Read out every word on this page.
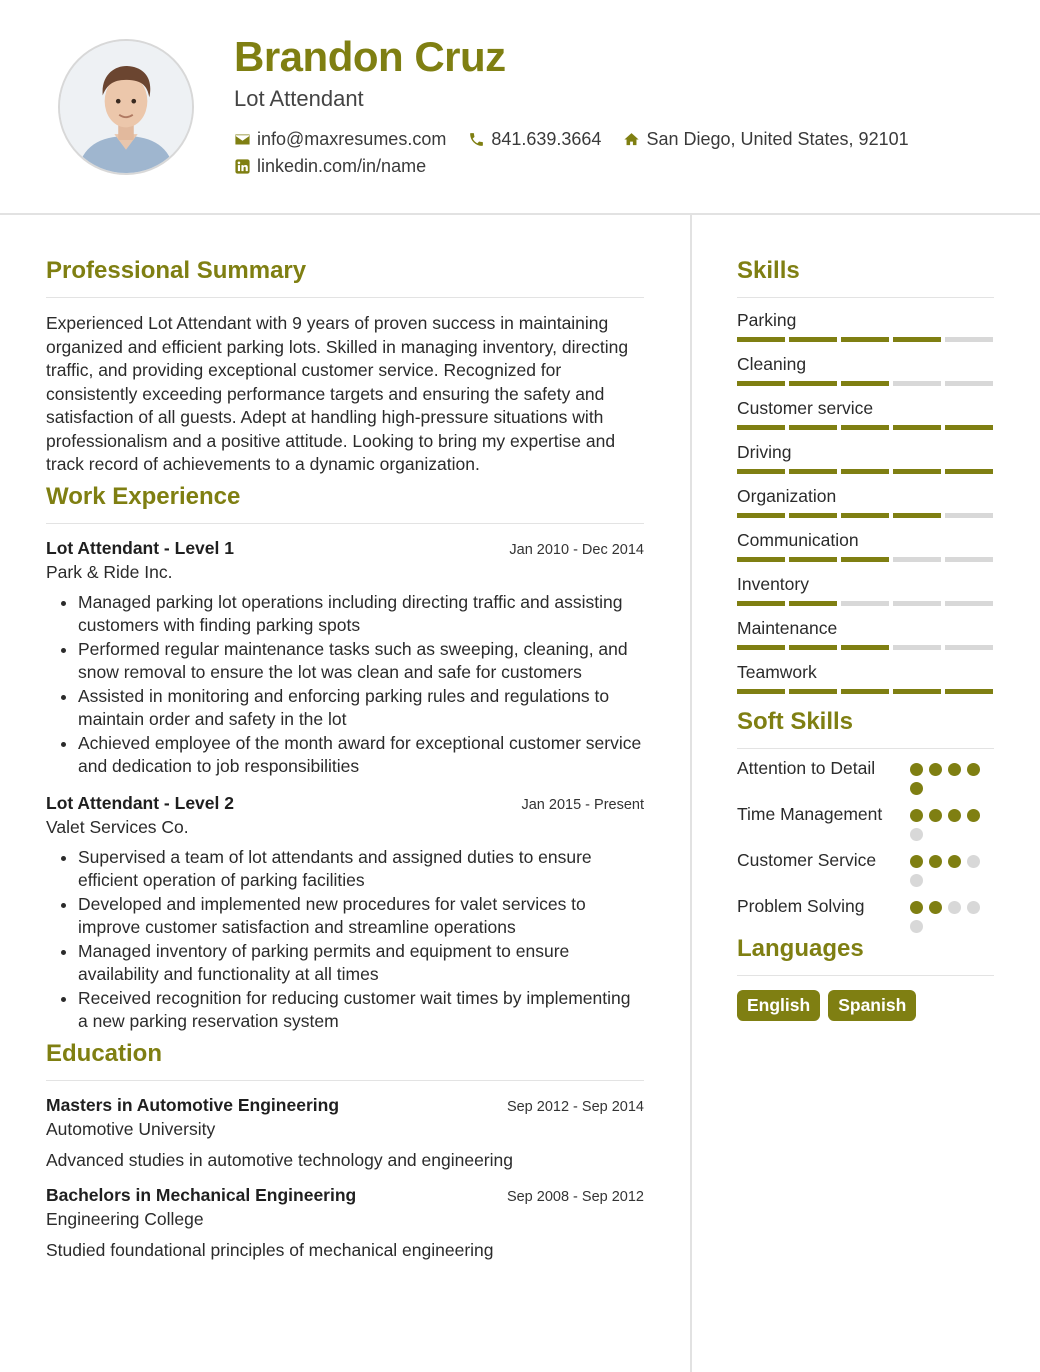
Brandon Cruz
Lot Attendant
info@maxresumes.com	841.639.3664	San Diego, United States, 92101
linkedin.com/in/name
Professional Summary

Experienced Lot Attendant with 9 years of proven success in maintaining organized and efficient parking lots. Skilled in managing inventory, directing traffic, and providing exceptional customer service. Recognized for consistently exceeding performance targets and ensuring the safety and satisfaction of all guests. Adept at handling high-pressure situations with professionalism and a positive attitude. Looking to bring my expertise and track record of achievements to a dynamic organization.

Work Experience
Lot Attendant - Level 1	Jan 2010 - Dec 2014
Park & Ride Inc.
• Managed parking lot operations including directing traffic and assisting customers with finding parking spots
• Performed regular maintenance tasks such as sweeping, cleaning, and snow removal to ensure the lot was clean and safe for customers
• Assisted in monitoring and enforcing parking rules and regulations to maintain order and safety in the lot
• Achieved employee of the month award for exceptional customer service and dedication to job responsibilities
Lot Attendant - Level 2	Jan 2015 - Present
Valet Services Co.
• Supervised a team of lot attendants and assigned duties to ensure efficient operation of parking facilities
• Developed and implemented new procedures for valet services to improve customer satisfaction and streamline operations
• Managed inventory of parking permits and equipment to ensure availability and functionality at all times
• Received recognition for reducing customer wait times by implementing a new parking reservation system
Education
Masters in Automotive Engineering	Sep 2012 - Sep 2014
Automotive University
Advanced studies in automotive technology and engineering
Bachelors in Mechanical Engineering	Sep 2008 - Sep 2012
Engineering College
Studied foundational principles of mechanical engineering
Skills
Parking
Cleaning
Customer service
Driving
Organization
Communication
Inventory
Maintenance
Teamwork
Soft Skills
Attention to Detail
Time Management
Customer Service
Problem Solving
Languages
English	Spanish
